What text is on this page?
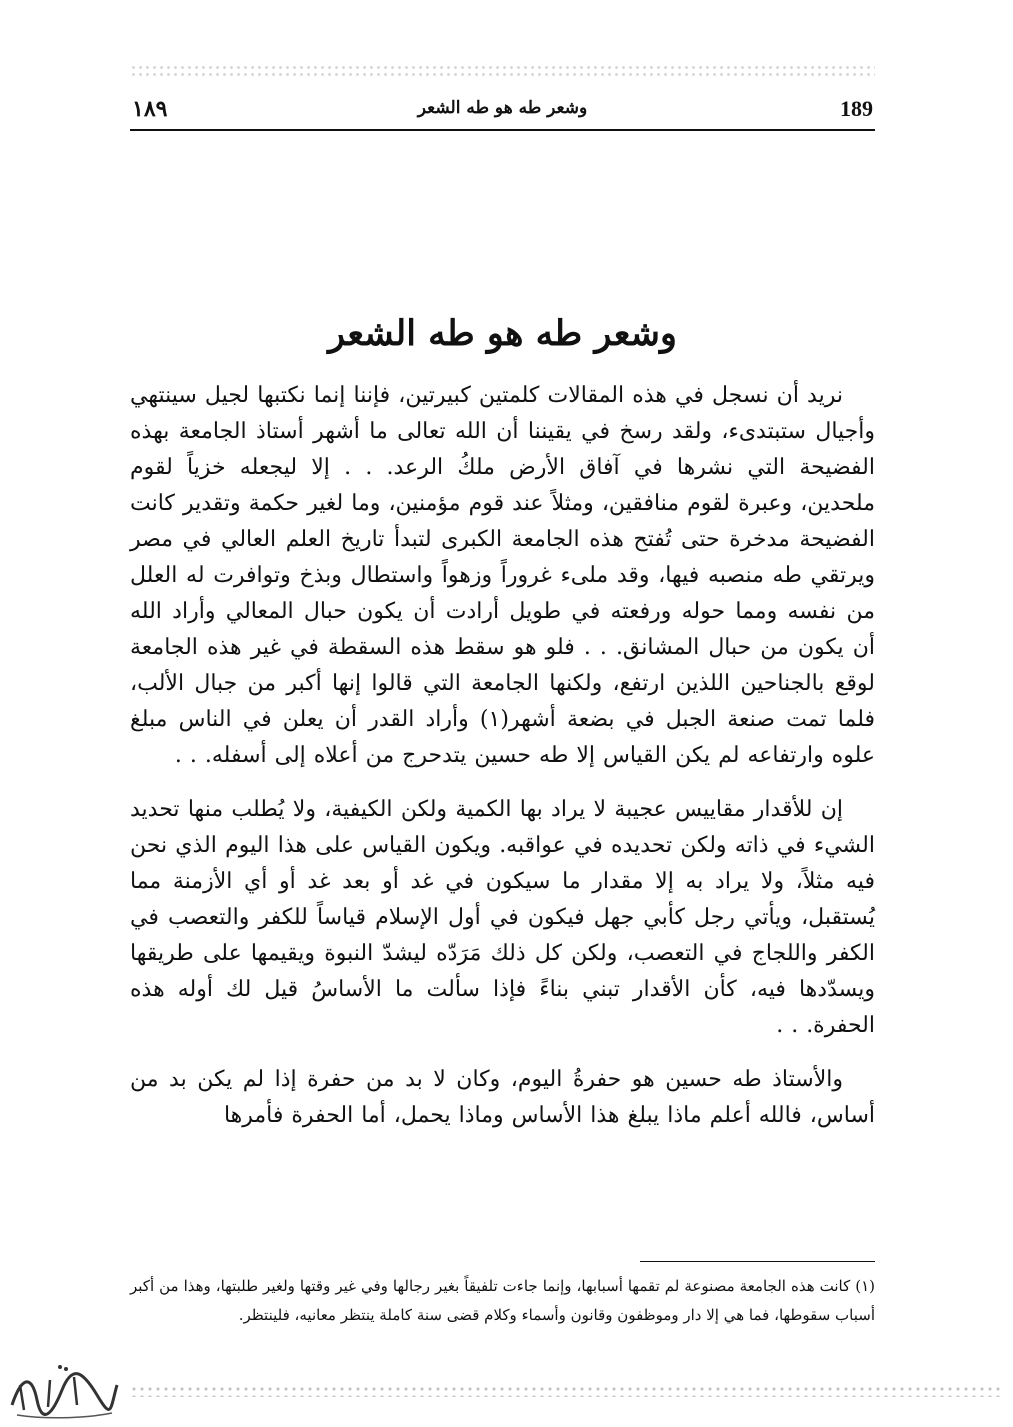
١٨٩	وشعر طه هو طه الشعر	189
وشعر طه هو طه الشعر

نريد أن نسجل في هذه المقالات كلمتين كبيرتين، فإننا إنما نكتبها لجيل سينتهي وأجيال ستبتدىء، ولقد رسخ في يقيننا أن الله تعالى ما أشهر أستاذ الجامعة بهذه الفضيحة التي نشرها في آفاق الأرض ملكُ الرعد. . . إلا ليجعله خزياً لقوم ملحدين، وعبرة لقوم منافقين، ومثلاً عند قوم مؤمنين، وما لغير حكمة وتقدير كانت الفضيحة مدخرة حتى تُفتح هذه الجامعة الكبرى لتبدأ تاريخ العلم العالي في مصر ويرتقي طه منصبه فيها، وقد ملىء غروراً وزهواً واستطال وبذخ وتوافرت له العلل من نفسه ومما حوله ورفعته في طويل أرادت أن يكون حبال المعالي وأراد الله أن يكون من حبال المشانق. . . فلو هو سقط هذه السقطة في غير هذه الجامعة لوقع بالجناحين اللذين ارتفع، ولكنها الجامعة التي قالوا إنها أكبر من جبال الألب، فلما تمت صنعة الجبل في بضعة أشهر(١) وأراد القدر أن يعلن في الناس مبلغ علوه وارتفاعه لم يكن القياس إلا طه حسين يتدحرج من أعلاه إلى أسفله. . .

إن للأقدار مقاييس عجيبة لا يراد بها الكمية ولكن الكيفية، ولا يُطلب منها تحديد الشيء في ذاته ولكن تحديده في عواقبه. ويكون القياس على هذا اليوم الذي نحن فيه مثلاً، ولا يراد به إلا مقدار ما سيكون في غد أو بعد غد أو أي الأزمنة مما يُستقبل، ويأتي رجل كأبي جهل فيكون في أول الإسلام قياساً للكفر والتعصب في الكفر واللجاج في التعصب، ولكن كل ذلك مَرَدّه ليشدّ النبوة ويقيمها على طريقها ويسدّدها فيه، كأن الأقدار تبني بناءً فإذا سألت ما الأساسُ قيل لك أوله هذه الحفرة. . .

والأستاذ طه حسين هو حفرةُ اليوم، وكان لا بد من حفرة إذا لم يكن بد من أساس، فالله أعلم ماذا يبلغ هذا الأساس وماذا يحمل، أما الحفرة فأمرها

(١) كانت هذه الجامعة مصنوعة لم تقمها أسبابها، وإنما جاءت تلفيقاً بغير رجالها وفي غير وقتها ولغير طلبتها، وهذا من أكبر أسباب سقوطها، فما هي إلا دار وموظفون وقانون وأسماء وكلام قضى سنة كاملة ينتظر معانيه، فلينتظر.
